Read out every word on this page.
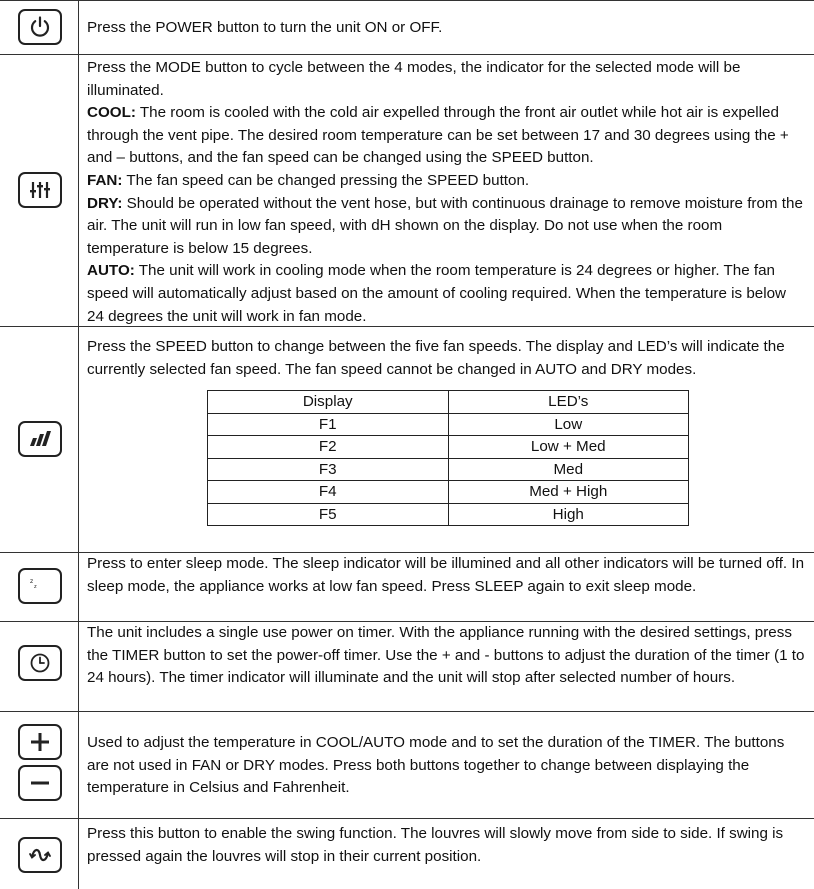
Press the POWER button to turn the unit ON or OFF.

Press the MODE button to cycle between the 4 modes, the indicator for the selected mode will be illuminated.

COOL: The room is cooled with the cold air expelled through the front air outlet while hot air is expelled through the vent pipe. The desired room temperature can be set between 17 and 30 degrees using the + and – buttons, and the fan speed can be changed using the SPEED button.

FAN: The fan speed can be changed pressing the SPEED button.

DRY: Should be operated without the vent hose, but with continuous drainage to remove moisture from the air. The unit will run in low fan speed, with dH shown on the display. Do not use when the room temperature is below 15 degrees.

AUTO: The unit will work in cooling mode when the room temperature is 24 degrees or higher. The fan speed will automatically adjust based on the amount of cooling required. When the temperature is below 24 degrees the unit will work in fan mode.

Press the SPEED button to change between the five fan speeds. The display and LED’s will indicate the currently selected fan speed. The fan speed cannot be changed in AUTO and DRY modes.

Display	LED’s
F1	Low
F2	Low + Med
F3	Med
F4	Med + High
F5	High
z
z

Press to enter sleep mode. The sleep indicator will be illumined and all other indicators will be turned off. In sleep mode, the appliance works at low fan speed. Press SLEEP again to exit sleep mode.

The unit includes a single use power on timer. With the appliance running with the desired settings, press the TIMER button to set the power-off timer. Use the + and - buttons to adjust the duration of the timer (1 to 24 hours). The timer indicator will illuminate and the unit will stop after selected number of hours.

Used to adjust the temperature in COOL/AUTO mode and to set the duration of the TIMER. The buttons are not used in FAN or DRY modes. Press both buttons together to change between displaying the temperature in Celsius and Fahrenheit.

Press this button to enable the swing function. The louvres will slowly move from side to side. If swing is pressed again the louvres will stop in their current position.
